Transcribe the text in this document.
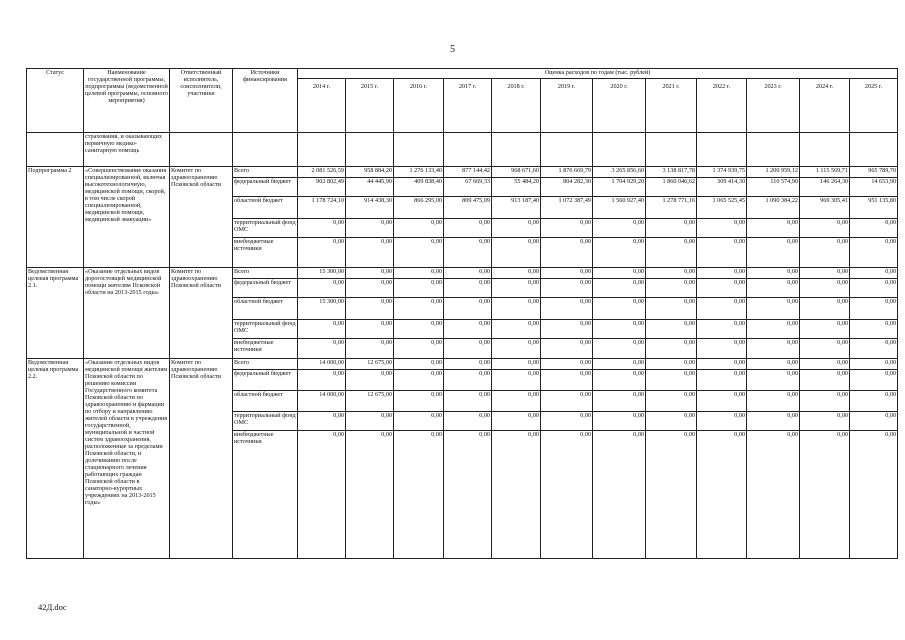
5
Статус	Наименование государственной программы, подпрограммы (ведомственной целевой программы, основного мероприятия)	Ответственный исполнитель, соисполнители, участники	Источники финансирования	Оценка расходов по годам (тыс. рублей)											
				2014 г.	2015 г.	2016 г.	2017 г.	2018 г.	2019 г.	2020 г.	2021 г.	2022 г.	2023 г.	2024 г.	2025 г.
	страхования, и оказывающих первичную медико-санитарную помощь														
Подпрограмма 2	«Совершенствование оказания специализированной, включая высокотехнологичную, медицинской помощи, скорой, в том числе скорой специализированной, медицинской помощи, медицинской эвакуации»	Комитет по здравоохранению Псковской области	Всего	2 081 526,59	958 884,20	1 276 133,40	877 144,42	968 671,60	1 876 669,79	3 265 856,60	3 138 817,78	1 374 939,75	1 200 959,12	1 115 569,71	965 789,70
			федеральный бюджет	902 802,49	44 445,90	409 838,40	67 669,33	55 484,20	804 282,30	1 704 929,20	1 860 046,62	309 414,30	110 574,90	146 264,30	14 653,90
			областной бюджет	1 178 724,10	914 438,30	866 295,00	809 475,09	913 187,40	1 072 387,49	1 560 927,40	1 278 771,16	1 065 525,45	1 090 384,22	969 305,41	951 135,80
			территориальный фонд ОМС	0,00	0,00	0,00	0,00	0,00	0,00	0,00	0,00	0,00	0,00	0,00	0,00
			внебюджетные источники	0,00	0,00	0,00	0,00	0,00	0,00	0,00	0,00	0,00	0,00	0,00	0,00
Ведомственная целевая программа 2.1.	«Оказание отдельных видов дорогостоящей медицинской помощи жителям Псковской области на 2013-2015 годы»	Комитет по здравоохранению Псковской области	Всего	15 300,00	0,00	0,00	0,00	0,00	0,00	0,00	0,00	0,00	0,00	0,00	0,00
			федеральный бюджет	0,00	0,00	0,00	0,00	0,00	0,00	0,00	0,00	0,00	0,00	0,00	0,00
			областной бюджет	15 300,00	0,00	0,00	0,00	0,00	0,00	0,00	0,00	0,00	0,00	0,00	0,00
			территориальный фонд ОМС	0,00	0,00	0,00	0,00	0,00	0,00	0,00	0,00	0,00	0,00	0,00	0,00
			внебюджетные источники	0,00	0,00	0,00	0,00	0,00	0,00	0,00	0,00	0,00	0,00	0,00	0,00
Ведомственная целевая программа 2.2.	«Оказание отдельных видов медицинской помощи жителям Псковской области по решению комиссии Государственного комитета Псковской области по здравоохранению и фармации по отбору и направлению жителей области в учреждения государственной, муниципальной и частной систем здравоохранения, расположенные за пределами Псковской области, и долечиванию после стационарного лечения работающих граждан Псковской области в санаторно-курортных учреждениях на 2013-2015 годы»	Комитет по здравоохранению Псковской области	Всего	14 000,00	12 675,00	0,00	0,00	0,00	0,00	0,00	0,00	0,00	0,00	0,00	0,00
			федеральный бюджет	0,00	0,00	0,00	0,00	0,00	0,00	0,00	0,00	0,00	0,00	0,00	0,00
			областной бюджет	14 000,00	12 675,00	0,00	0,00	0,00	0,00	0,00	0,00	0,00	0,00	0,00	0,00
			территориальный фонд ОМС	0,00	0,00	0,00	0,00	0,00	0,00	0,00	0,00	0,00	0,00	0,00	0,00
			внебюджетные источники	0,00	0,00	0,00	0,00	0,00	0,00	0,00	0,00	0,00	0,00	0,00	0,00
42Д.doc
